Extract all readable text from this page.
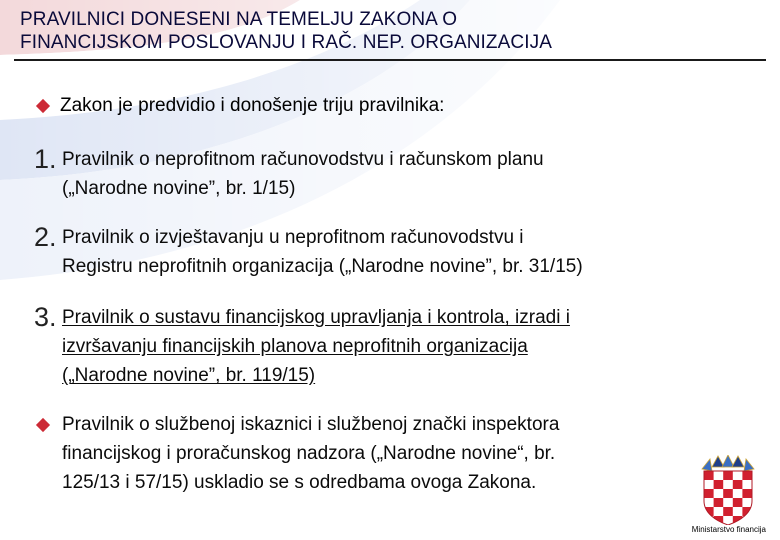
PRAVILNICI DONESENI NA TEMELJU ZAKONA O
FINANCIJSKOM POSLOVANJU I RAČ. NEP. ORGANIZACIJA
Zakon je predvidio i donošenje triju pravilnika:
1. Pravilnik o neprofitnom računovodstvu i računskom planu
(„Narodne novine”, br. 1/15)
2. Pravilnik o izvještavanju u neprofitnom računovodstvu i
Registru neprofitnih organizacija („Narodne novine”, br. 31/15)
3. Pravilnik o sustavu financijskog upravljanja i kontrola, izradi i
izvršavanju financijskih planova neprofitnih organizacija
(„Narodne novine”, br. 119/15)
Pravilnik o službenoj iskaznici i službenoj znački inspektora
financijskog i proračunskog nadzora („Narodne novine“, br.
125/13 i 57/15) uskladio se s odredbama ovoga Zakona.
Ministarstvo financija
